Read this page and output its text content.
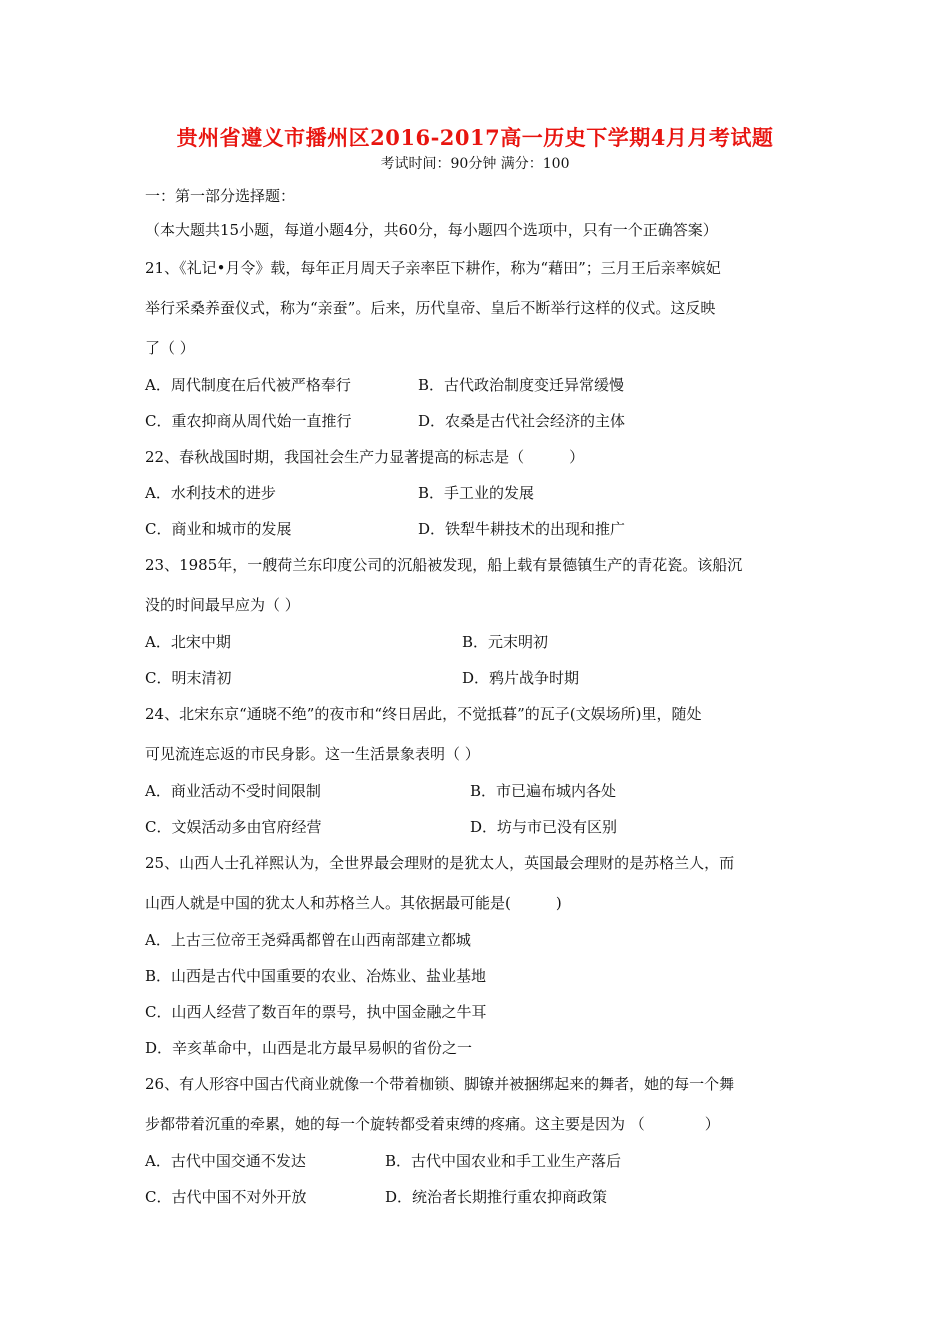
贵州省遵义市播州区2016-2017高一历史下学期4月月考试题
考试时间：90分钟 满分：100
一：第一部分选择题：
（本大题共15小题，每道小题4分，共60分，每小题四个选项中，只有一个正确答案）
21、《礼记•月令》载，每年正月周天子亲率臣下耕作，称为“藉田”；三月王后亲率嫔妃
举行采桑养蚕仪式，称为“亲蚕”。后来，历代皇帝、皇后不断举行这样的仪式。这反映
了（ ）
A．周代制度在后代被严格奉行	B．古代政治制度变迁异常缓慢
C．重农抑商从周代始一直推行	D．农桑是古代社会经济的主体
22、春秋战国时期，我国社会生产力显著提高的标志是（　　　）
A．水利技术的进步	B．手工业的发展
C．商业和城市的发展	D．铁犁牛耕技术的出现和推广
23、1985年，一艘荷兰东印度公司的沉船被发现，船上载有景德镇生产的青花瓷。该船沉
没的时间最早应为（ ）
A．北宋中期	B．元末明初
C．明末清初	D．鸦片战争时期
24、北宋东京“通晓不绝”的夜市和“终日居此，不觉抵暮”的瓦子(文娱场所)里，随处
可见流连忘返的市民身影。这一生活景象表明（ ）
A．商业活动不受时间限制	B．市已遍布城内各处
C．文娱活动多由官府经营	D．坊与市已没有区别
25、山西人士孔祥熙认为，全世界最会理财的是犹太人，英国最会理财的是苏格兰人，而
山西人就是中国的犹太人和苏格兰人。其依据最可能是(　　　)
A．上古三位帝王尧舜禹都曾在山西南部建立都城
B．山西是古代中国重要的农业、冶炼业、盐业基地
C．山西人经营了数百年的票号，执中国金融之牛耳
D．辛亥革命中，山西是北方最早易帜的省份之一
26、有人形容中国古代商业就像一个带着枷锁、脚镣并被捆绑起来的舞者，她的每一个舞
步都带着沉重的牵累，她的每一个旋转都受着束缚的疼痛。这主要是因为 （　　　　）
A．古代中国交通不发达	B．古代中国农业和手工业生产落后
C．古代中国不对外开放	D．统治者长期推行重农抑商政策
